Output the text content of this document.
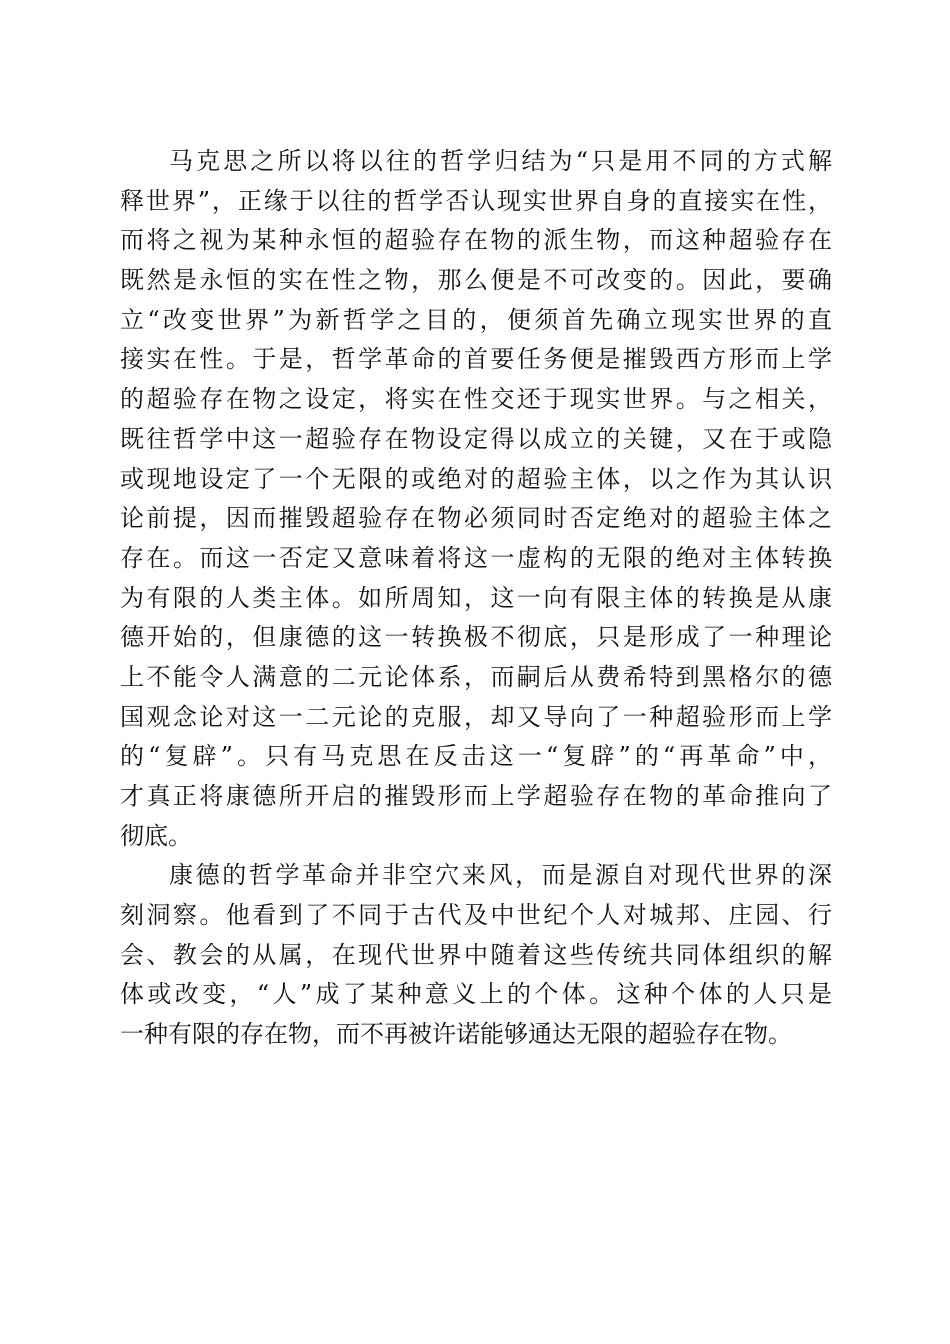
马克思之所以将以往的哲学归结为“只是用不同的方式解
释世界”，正缘于以往的哲学否认现实世界自身的直接实在性，
而将之视为某种永恒的超验存在物的派生物，而这种超验存在
既然是永恒的实在性之物，那么便是不可改变的。因此，要确
立“改变世界”为新哲学之目的，便须首先确立现实世界的直
接实在性。于是，哲学革命的首要任务便是摧毁西方形而上学
的超验存在物之设定，将实在性交还于现实世界。与之相关，
既往哲学中这一超验存在物设定得以成立的关键，又在于或隐
或现地设定了一个无限的或绝对的超验主体，以之作为其认识
论前提，因而摧毁超验存在物必须同时否定绝对的超验主体之
存在。而这一否定又意味着将这一虚构的无限的绝对主体转换
为有限的人类主体。如所周知，这一向有限主体的转换是从康
德开始的，但康德的这一转换极不彻底，只是形成了一种理论
上不能令人满意的二元论体系，而嗣后从费希特到黑格尔的德
国观念论对这一二元论的克服，却又导向了一种超验形而上学
的“复辟”。只有马克思在反击这一“复辟”的“再革命”中，
才真正将康德所开启的摧毁形而上学超验存在物的革命推向了
彻底。
康德的哲学革命并非空穴来风，而是源自对现代世界的深
刻洞察。他看到了不同于古代及中世纪个人对城邦、庄园、行
会、教会的从属，在现代世界中随着这些传统共同体组织的解
体或改变，“人”成了某种意义上的个体。这种个体的人只是
一种有限的存在物，而不再被许诺能够通达无限的超验存在物。
